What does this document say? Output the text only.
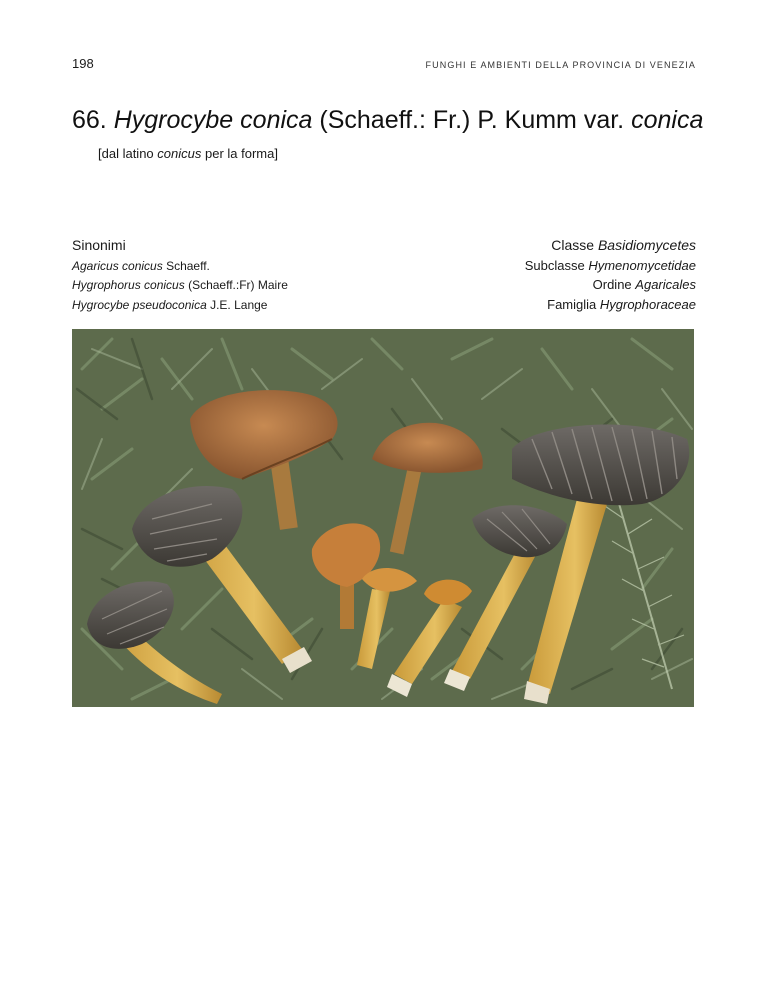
198	FUNGHI E AMBIENTI DELLA PROVINCIA DI VENEZIA
66. Hygrocybe conica (Schaeff.: Fr.) P. Kumm var. conica
[dal latino conicus per la forma]
Sinonimi
Agaricus conicus Schaeff.
Hygrophorus conicus (Schaeff.:Fr) Maire
Hygrocybe pseudoconica J.E. Lange
Classe Basidiomycetes
Subclasse Hymenomycetidae
Ordine Agaricales
Famiglia Hygrophoraceae
